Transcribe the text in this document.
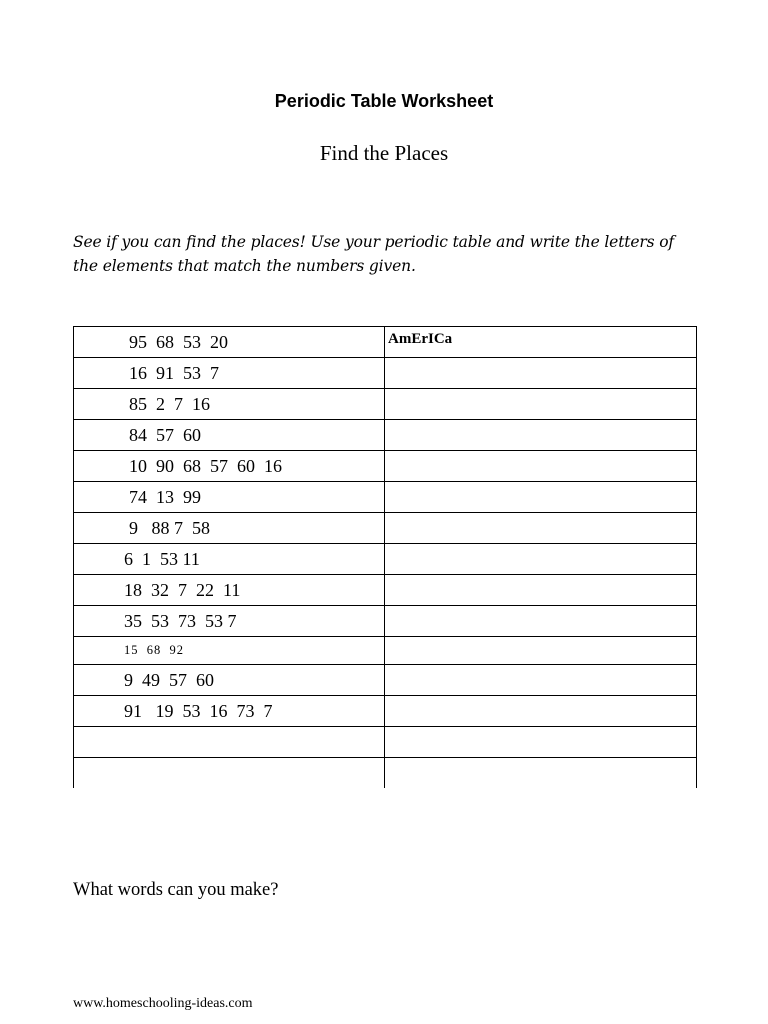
Periodic Table Worksheet
Find the Places
See if you can find the places! Use your periodic table and write the letters of the elements that match the numbers given.
95  68  53  20	AmErICa

16  91  53  7	

85  2  7  16	

84  57  60	

10  90  68  57  60  16	

74  13  99	

9   88 7  58	

6  1  53 11	

18  32  7  22  11	

35  53  73  53 7	

15  68  92	

9  49  57  60	

91   19  53  16  73  7	

What words can you make?
www.homeschooling-ideas.com
